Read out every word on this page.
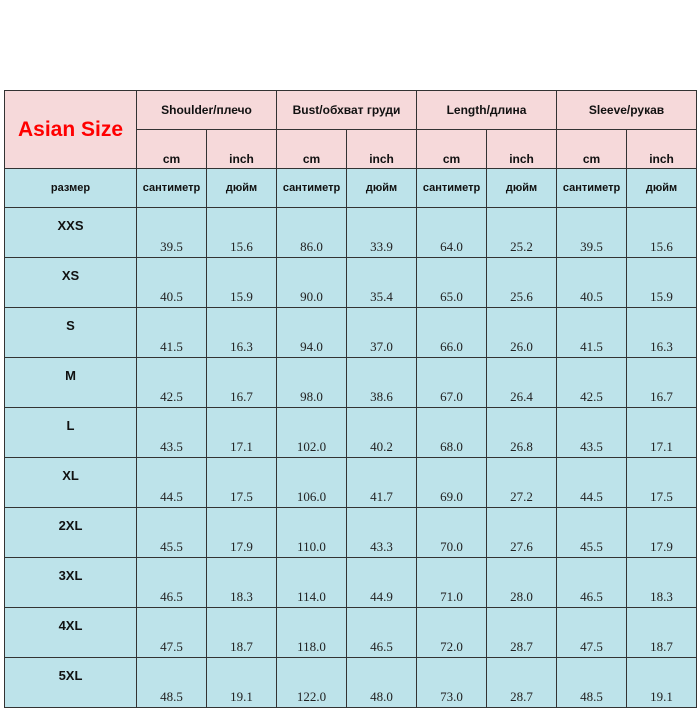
Asian Size	Shoulder/плечо		Bust/обхват груди		Length/длина		Sleeve/рукав	
	cm	inch	cm	inch	cm	inch	cm	inch
размер	сантиметр	дюйм	сантиметр	дюйм	сантиметр	дюйм	сантиметр	дюйм
XXS	39.5	15.6	86.0	33.9	64.0	25.2	39.5	15.6
XS	40.5	15.9	90.0	35.4	65.0	25.6	40.5	15.9
S	41.5	16.3	94.0	37.0	66.0	26.0	41.5	16.3
M	42.5	16.7	98.0	38.6	67.0	26.4	42.5	16.7
L	43.5	17.1	102.0	40.2	68.0	26.8	43.5	17.1
XL	44.5	17.5	106.0	41.7	69.0	27.2	44.5	17.5
2XL	45.5	17.9	110.0	43.3	70.0	27.6	45.5	17.9
3XL	46.5	18.3	114.0	44.9	71.0	28.0	46.5	18.3
4XL	47.5	18.7	118.0	46.5	72.0	28.7	47.5	18.7
5XL	48.5	19.1	122.0	48.0	73.0	28.7	48.5	19.1
